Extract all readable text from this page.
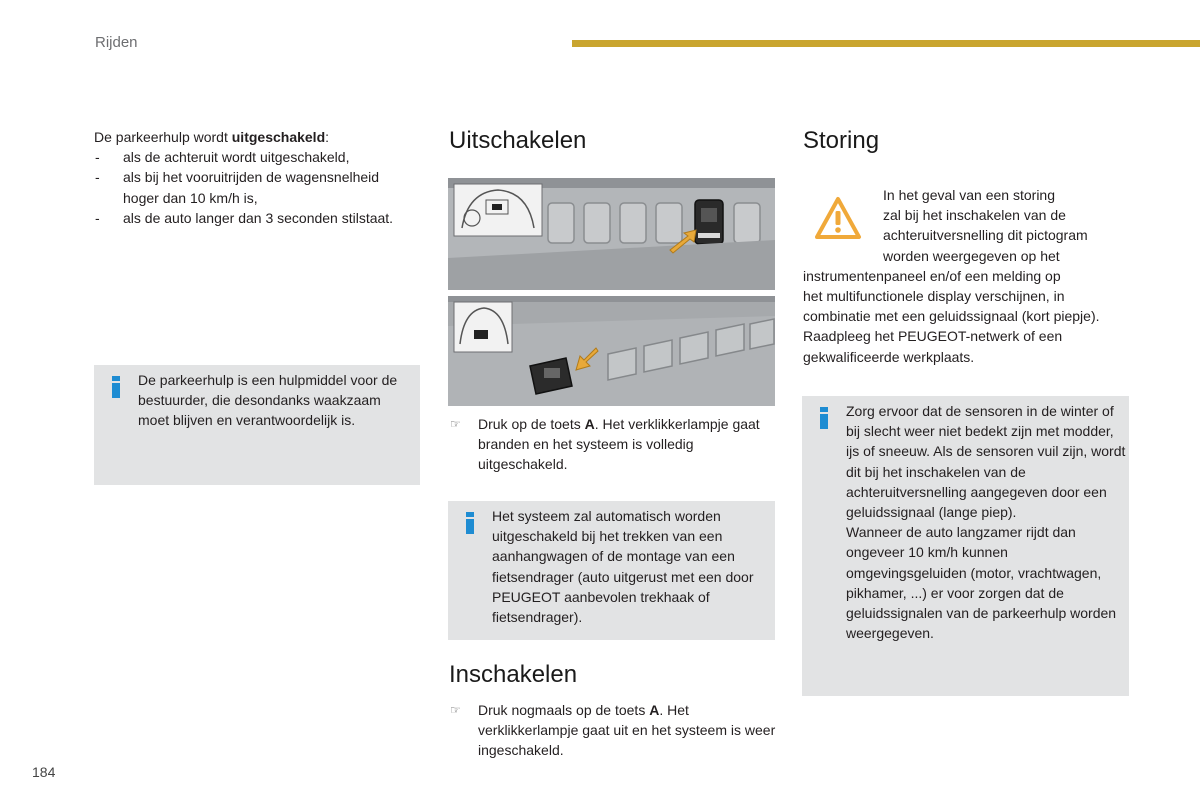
Rijden
De parkeerhulp wordt uitgeschakeld:
- als de achteruit wordt uitgeschakeld,
- als bij het vooruitrijden de wagensnelheid hoger dan 10 km/h is,
- als de auto langer dan 3 seconden stilstaat.
De parkeerhulp is een hulpmiddel voor de bestuurder, die desondanks waakzaam moet blijven en verantwoordelijk is.
Uitschakelen
☞ Druk op de toets A. Het verklikkerlampje gaat branden en het systeem is volledig uitgeschakeld.
Het systeem zal automatisch worden uitgeschakeld bij het trekken van een aanhangwagen of de montage van een fietsendrager (auto uitgerust met een door PEUGEOT aanbevolen trekhaak of fietsendrager).
Inschakelen
☞ Druk nogmaals op de toets A. Het verklikkerlampje gaat uit en het systeem is weer ingeschakeld.
Storing
In het geval van een storing
zal bij het inschakelen van de
achteruitversnelling dit pictogram
worden weergegeven op het
instrumentenpaneel en/of een melding op
het multifunctionele display verschijnen, in
combinatie met een geluidssignaal (kort piepje).
Raadpleeg het PEUGEOT-netwerk of een
gekwalificeerde werkplaats.
Zorg ervoor dat de sensoren in de winter of bij slecht weer niet bedekt zijn met modder, ijs of sneeuw. Als de sensoren vuil zijn, wordt dit bij het inschakelen van de achteruitversnelling aangegeven door een geluidssignaal (lange piep).
Wanneer de auto langzamer rijdt dan ongeveer 10 km/h kunnen omgevingsgeluiden (motor, vrachtwagen, pikhamer, ...) er voor zorgen dat de geluidssignalen van de parkeerhulp worden weergegeven.
184
